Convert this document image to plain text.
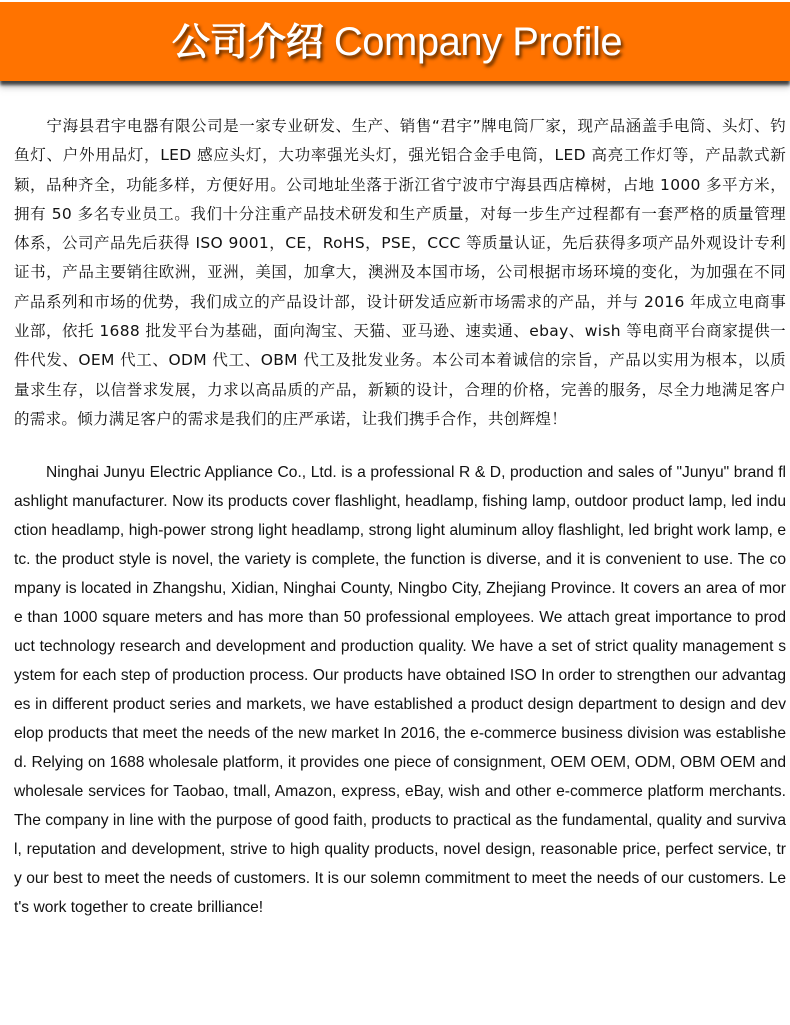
公司介绍 Company Profile

宁海县君宇电器有限公司是一家专业研发、生产、销售“君宇”牌电筒厂家，现产品涵盖手电筒、头灯、钓鱼灯、户外用品灯，LED 感应头灯，大功率强光头灯，强光铝合金手电筒，LED 高亮工作灯等，产品款式新颖，品种齐全，功能多样，方便好用。公司地址坐落于浙江省宁波市宁海县西店樟树，占地 1000 多平方米，拥有 50 多名专业员工。我们十分注重产品技术研发和生产质量，对每一步生产过程都有一套严格的质量管理体系，公司产品先后获得 ISO 9001，CE，RoHS，PSE，CCC 等质量认证，先后获得多项产品外观设计专利证书，产品主要销往欧洲，亚洲，美国，加拿大，澳洲及本国市场，公司根据市场环境的变化，为加强在不同产品系列和市场的优势，我们成立的产品设计部，设计研发适应新市场需求的产品，并与 2016 年成立电商事业部，依托 1688 批发平台为基础，面向淘宝、天猫、亚马逊、速卖通、ebay、wish 等电商平台商家提供一件代发、OEM 代工、ODM 代工、OBM 代工及批发业务。本公司本着诚信的宗旨，产品以实用为根本，以质量求生存，以信誉求发展，力求以高品质的产品，新颖的设计，合理的价格，完善的服务，尽全力地满足客户的需求。倾力满足客户的需求是我们的庄严承诺，让我们携手合作，共创辉煌！

Ninghai Junyu Electric Appliance Co., Ltd. is a professional R & D, production and sales of "Junyu" brand flashlight manufacturer. Now its products cover flashlight, headlamp, fishing lamp, outdoor product lamp, led induction headlamp, high-power strong light headlamp, strong light aluminum alloy flashlight, led bright work lamp, etc. the product style is novel, the variety is complete, the function is diverse, and it is convenient to use. The company is located in Zhangshu, Xidian, Ninghai County, Ningbo City, Zhejiang Province. It covers an area of more than 1000 square meters and has more than 50 professional employees. We attach great importance to product technology research and development and production quality. We have a set of strict quality management system for each step of production process. Our products have obtained ISO In order to strengthen our advantages in different product series and markets, we have established a product design department to design and develop products that meet the needs of the new market In 2016, the e-commerce business division was established. Relying on 1688 wholesale platform, it provides one piece of consignment, OEM OEM, ODM, OBM OEM and wholesale services for Taobao, tmall, Amazon, express, eBay, wish and other e-commerce platform merchants. The company in line with the purpose of good faith, products to practical as the fundamental, quality and survival, reputation and development, strive to high quality products, novel design, reasonable price, perfect service, try our best to meet the needs of customers. It is our solemn commitment to meet the needs of our customers. Let's work together to create brilliance!
